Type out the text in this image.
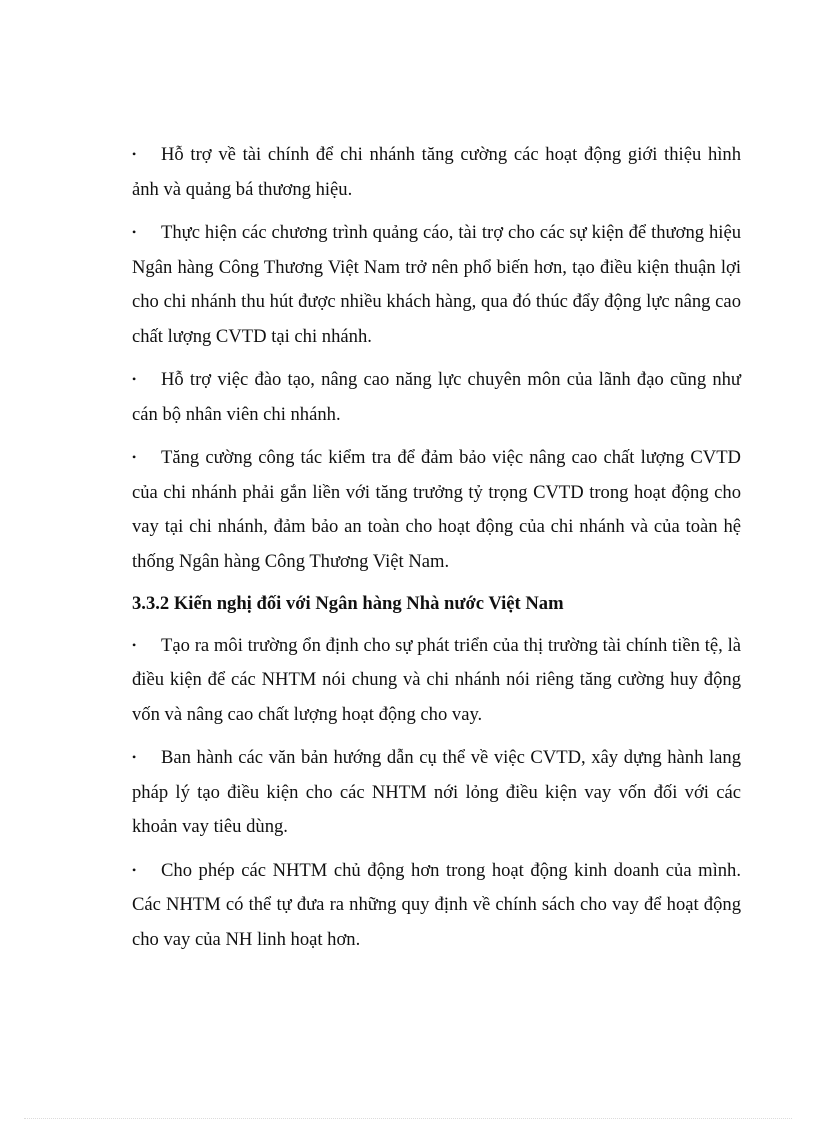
• Hỗ trợ về tài chính để chi nhánh tăng cường các hoạt động giới thiệu hình ảnh và quảng bá thương hiệu.

• Thực hiện các chương trình quảng cáo, tài trợ cho các sự kiện để thương hiệu Ngân hàng Công Thương Việt Nam trở nên phổ biến hơn, tạo điều kiện thuận lợi cho chi nhánh thu hút được nhiều khách hàng, qua đó thúc đẩy động lực nâng cao chất lượng CVTD tại chi nhánh.

• Hỗ trợ việc đào tạo, nâng cao năng lực chuyên môn của lãnh đạo cũng như cán bộ nhân viên chi nhánh.

• Tăng cường công tác kiểm tra để đảm bảo việc nâng cao chất lượng CVTD của chi nhánh phải gắn liền với tăng trưởng tỷ trọng CVTD trong hoạt động cho vay tại chi nhánh, đảm bảo an toàn cho hoạt động của chi nhánh và của toàn hệ thống Ngân hàng Công Thương Việt Nam.

3.3.2 Kiến nghị đối với Ngân hàng Nhà nước Việt Nam

• Tạo ra môi trường ổn định cho sự phát triển của thị trường tài chính tiền tệ, là điều kiện để các NHTM nói chung và chi nhánh nói riêng tăng cường huy động vốn và nâng cao chất lượng hoạt động cho vay.

• Ban hành các văn bản hướng dẫn cụ thể về việc CVTD, xây dựng hành lang pháp lý tạo điều kiện cho các NHTM nới lỏng điều kiện vay vốn đối với các khoản vay tiêu dùng.

• Cho phép các NHTM chủ động hơn trong hoạt động kinh doanh của mình. Các NHTM có thể tự đưa ra những quy định về chính sách cho vay để hoạt động cho vay của NH linh hoạt hơn.
